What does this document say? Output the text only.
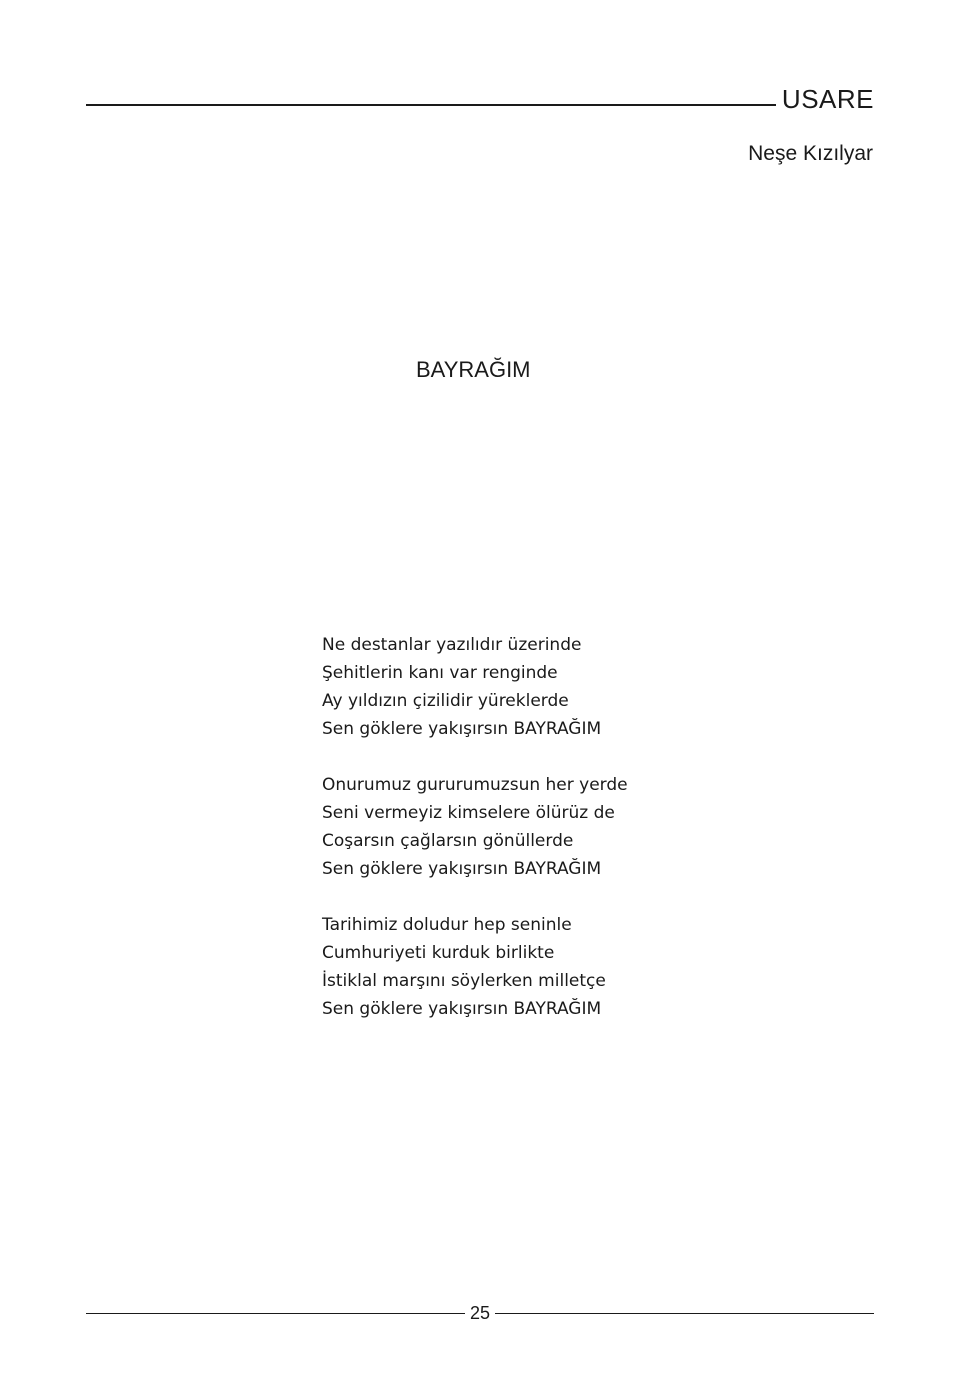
USARE
Neşe Kızılyar
BAYRAĞIM
Ne destanlar yazılıdır üzerinde
Şehitlerin kanı var renginde
Ay yıldızın çizilidir yüreklerde
Sen göklere yakışırsın BAYRAĞIM
Onurumuz gururumuzsun her yerde
Seni vermeyiz kimselere ölürüz de
Coşarsın çağlarsın gönüllerde
Sen göklere yakışırsın BAYRAĞIM
Tarihimiz doludur hep seninle
Cumhuriyeti kurduk birlikte
İstiklal marşını söylerken milletçe
Sen göklere yakışırsın BAYRAĞIM
25
